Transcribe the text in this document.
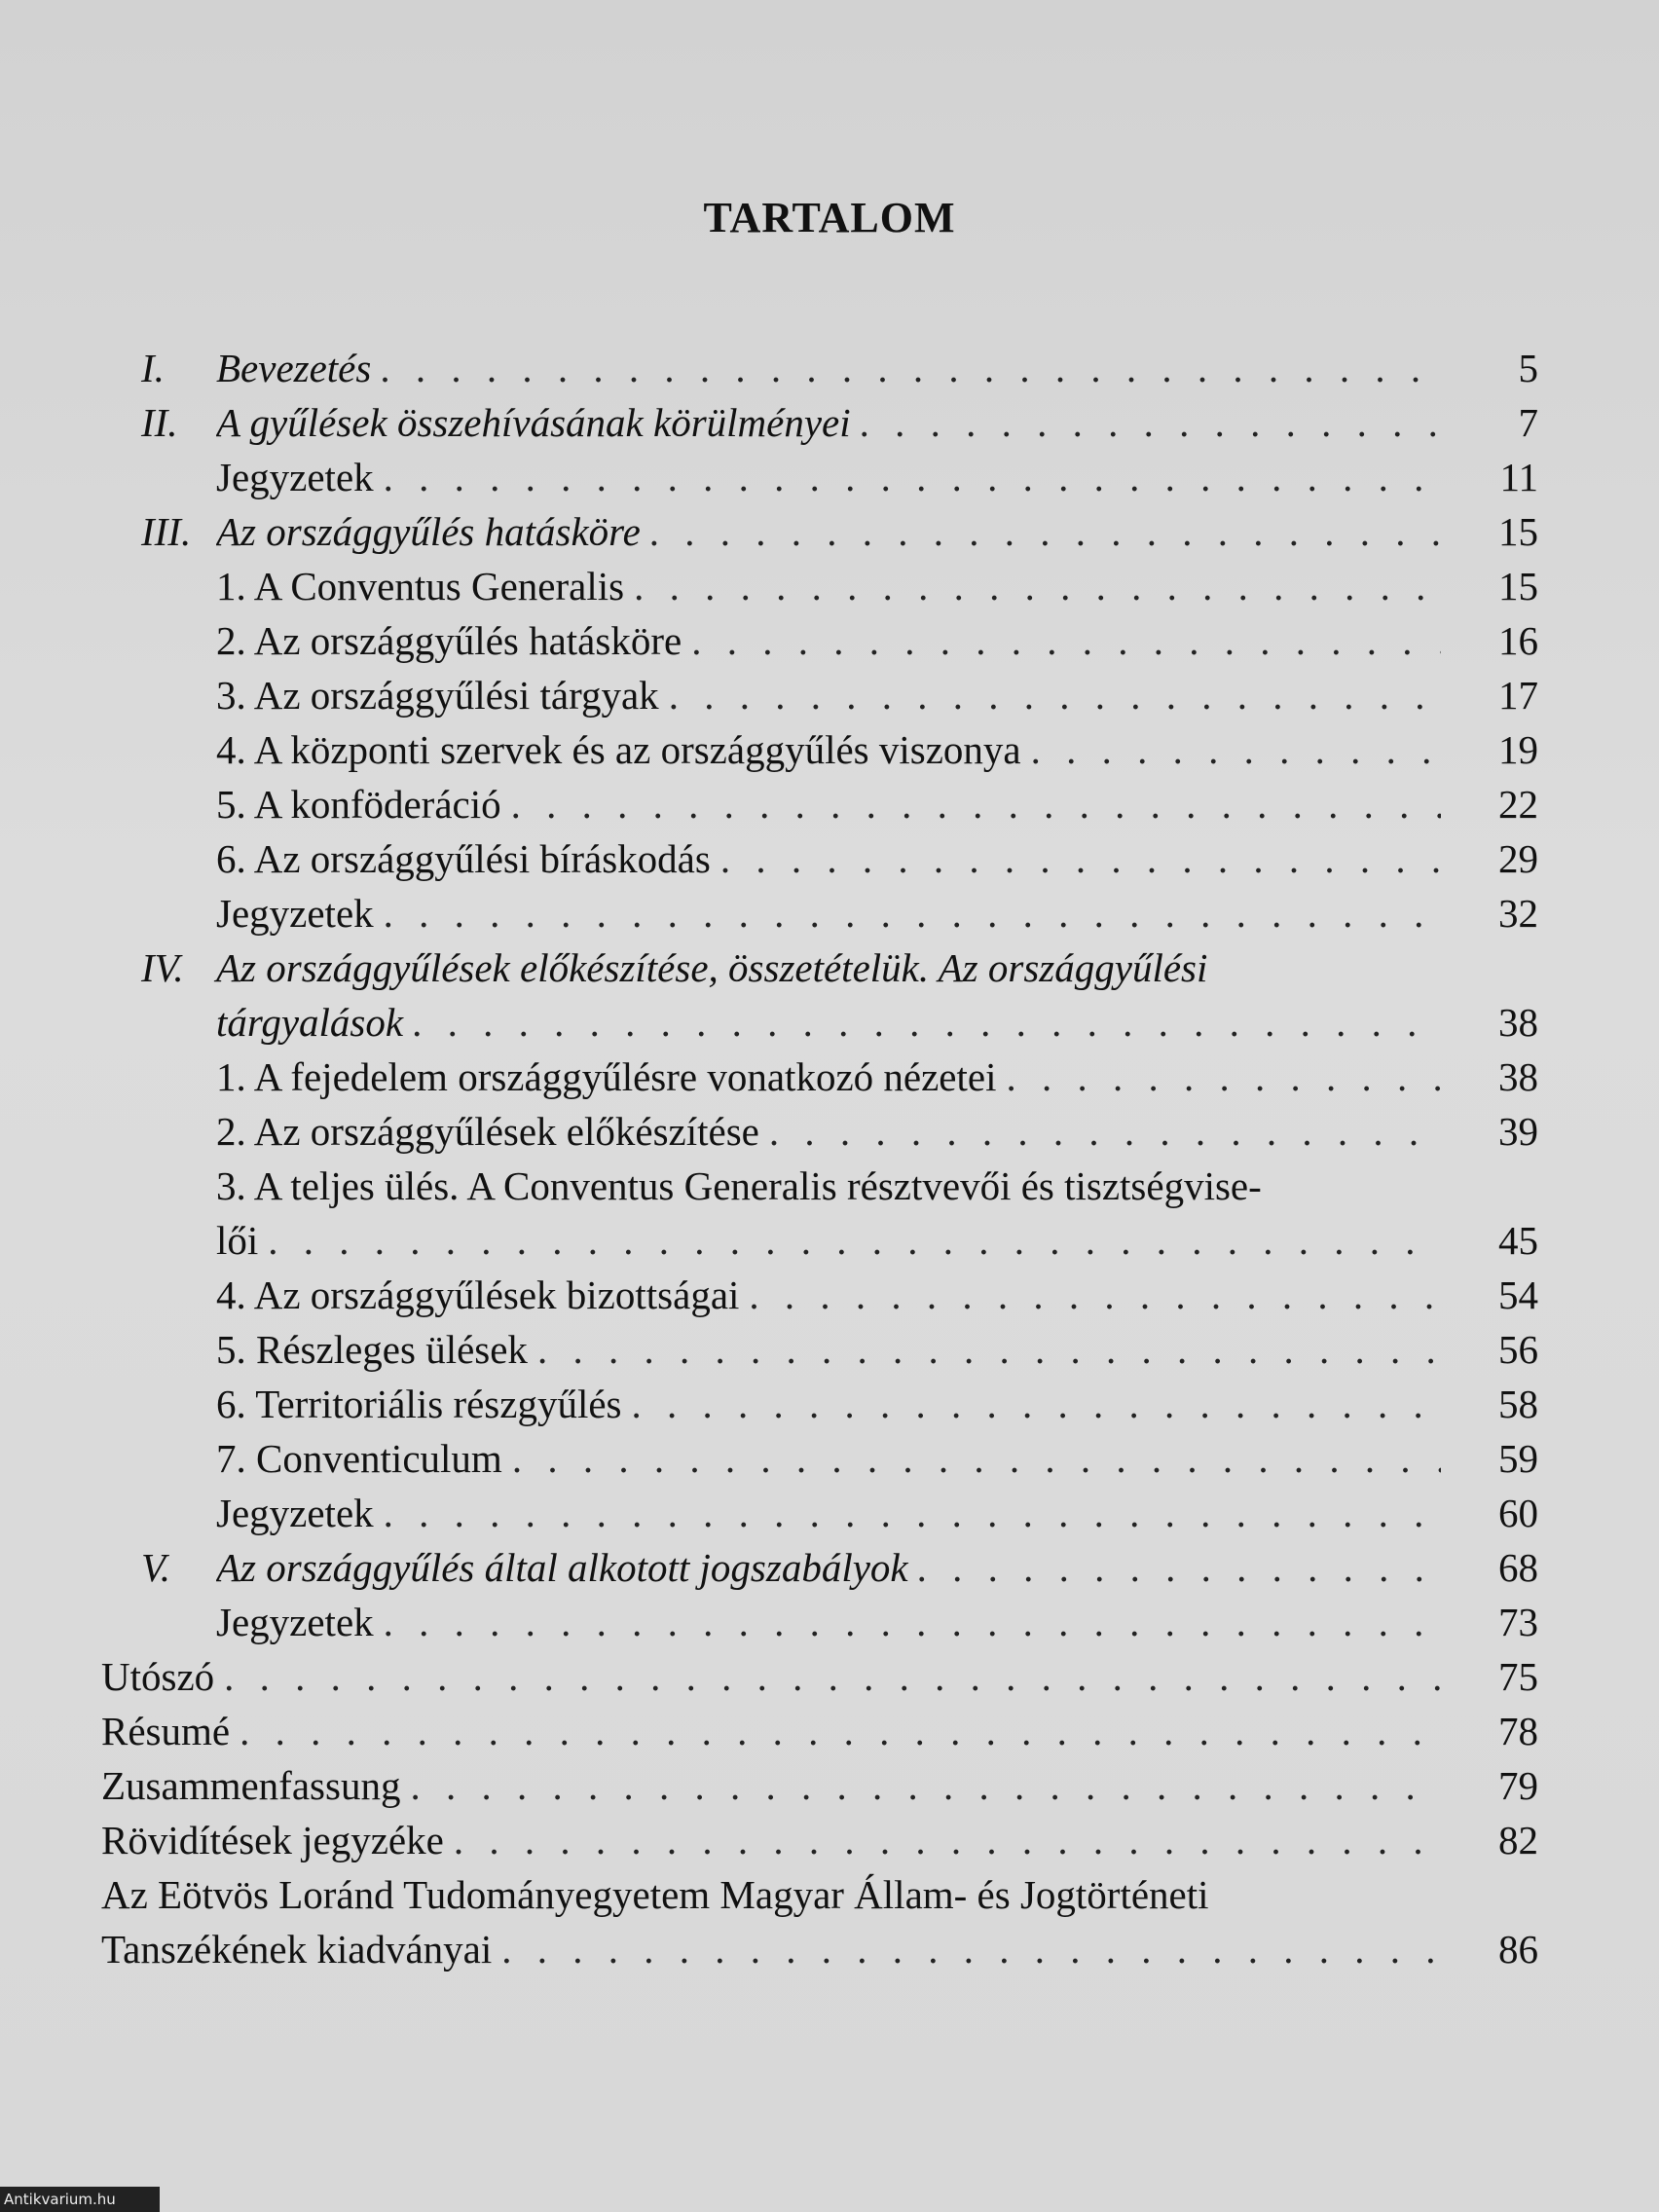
TARTALOM
I. Bevezetés . . .	5
II. A gyűlések összehívásának körülményei . . .	7
Jegyzetek . . .	11
III. Az országgyűlés hatásköre . . .	15
1. A Conventus Generalis . . .	15
2. Az országgyűlés hatásköre . . .	16
3. Az országgyűlési tárgyak . . .	17
4. A központi szervek és az országgyűlés viszonya . . .	19
5. A konföderáció . . .	22
6. Az országgyűlési bíráskodás . . .	29
Jegyzetek . . .	32
IV. Az országgyűlések előkészítése, összetételük. Az országgyűlési
tárgyalások . . .	38
1. A fejedelem országgyűlésre vonatkozó nézetei . . .	38
2. Az országgyűlések előkészítése . . .	39
3. A teljes ülés. A Conventus Generalis résztvevői és tisztségvise-
lői . . .	45
4. Az országgyűlések bizottságai . . .	54
5. Részleges ülések . . .	56
6. Territoriális részgyűlés . . .	58
7. Conventiculum . . .	59
Jegyzetek . . .	60
V. Az országgyűlés által alkotott jogszabályok . . .	68
Jegyzetek . . .	73
Utószó . . .	75
Résumé . . .	78
Zusammenfassung . . .	79
Rövidítések jegyzéke . . .	82
Az Eötvös Loránd Tudományegyetem Magyar Állam- és Jogtörténeti
Tanszékének kiadványai . . .	86
Antikvarium.hu
